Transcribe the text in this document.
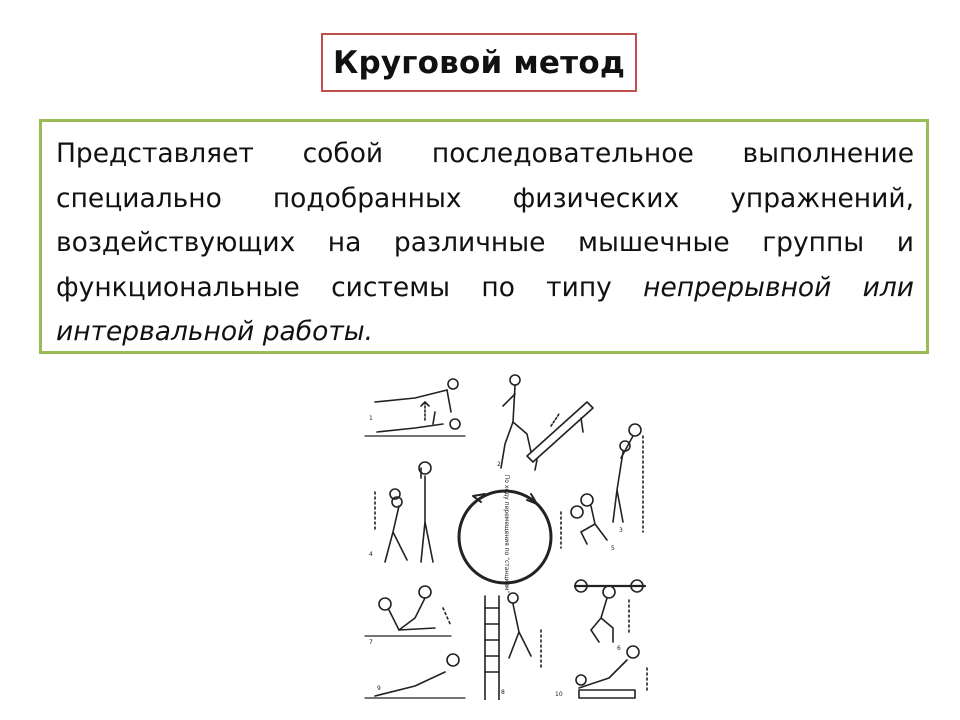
Круговой метод

Представляет собой последовательное выполнение специально подобранных физических упражнений, воздействующих на различные мышечные группы и функциональные системы по типу непрерывной или интервальной работы.

По ходу перемещения по "станциям"
1
2
3
4
5
6
7
8
9
10
